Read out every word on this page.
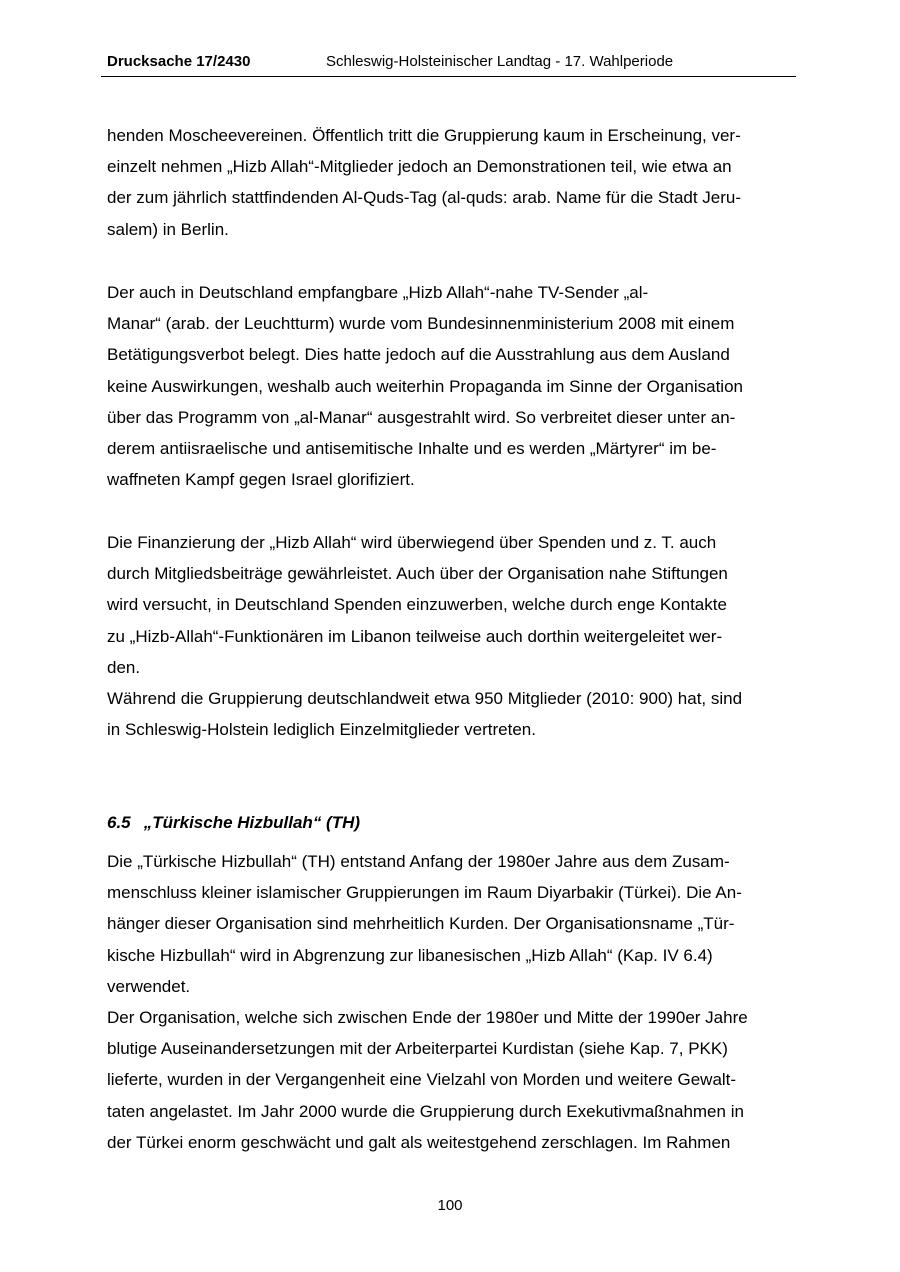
Drucksache 17/2430	Schleswig-Holsteinischer Landtag - 17. Wahlperiode

henden Moscheevereinen. Öffentlich tritt die Gruppierung kaum in Erscheinung, ver-
einzelt nehmen „Hizb Allah“-Mitglieder jedoch an Demonstrationen teil, wie etwa an
der zum jährlich stattfindenden Al-Quds-Tag (al-quds: arab. Name für die Stadt Jeru-
salem) in Berlin.

Der auch in Deutschland empfangbare „Hizb Allah“-nahe TV-Sender „al-
Manar“ (arab. der Leuchtturm) wurde vom Bundesinnenministerium 2008 mit einem
Betätigungsverbot belegt. Dies hatte jedoch auf die Ausstrahlung aus dem Ausland
keine Auswirkungen, weshalb auch weiterhin Propaganda im Sinne der Organisation
über das Programm von „al-Manar“ ausgestrahlt wird. So verbreitet dieser unter an-
derem antiisraelische und antisemitische Inhalte und es werden „Märtyrer“ im be-
waffneten Kampf gegen Israel glorifiziert.

Die Finanzierung der „Hizb Allah“ wird überwiegend über Spenden und z. T. auch
durch Mitgliedsbeiträge gewährleistet. Auch über der Organisation nahe Stiftungen
wird versucht, in Deutschland Spenden einzuwerben, welche durch enge Kontakte
zu „Hizb-Allah“-Funktionären im Libanon teilweise auch dorthin weitergeleitet wer-
den.
Während die Gruppierung deutschlandweit etwa 950 Mitglieder (2010: 900) hat, sind
in Schleswig-Holstein lediglich Einzelmitglieder vertreten.

6.5 „Türkische Hizbullah“ (TH)

Die „Türkische Hizbullah“ (TH) entstand Anfang der 1980er Jahre aus dem Zusam-
menschluss kleiner islamischer Gruppierungen im Raum Diyarbakir (Türkei). Die An-
hänger dieser Organisation sind mehrheitlich Kurden. Der Organisationsname „Tür-
kische Hizbullah“ wird in Abgrenzung zur libanesischen „Hizb Allah“ (Kap. IV 6.4)
verwendet.
Der Organisation, welche sich zwischen Ende der 1980er und Mitte der 1990er Jahre
blutige Auseinandersetzungen mit der Arbeiterpartei Kurdistan (siehe Kap. 7, PKK)
lieferte, wurden in der Vergangenheit eine Vielzahl von Morden und weitere Gewalt-
taten angelastet. Im Jahr 2000 wurde die Gruppierung durch Exekutivmaßnahmen in
der Türkei enorm geschwächt und galt als weitestgehend zerschlagen. Im Rahmen

100
